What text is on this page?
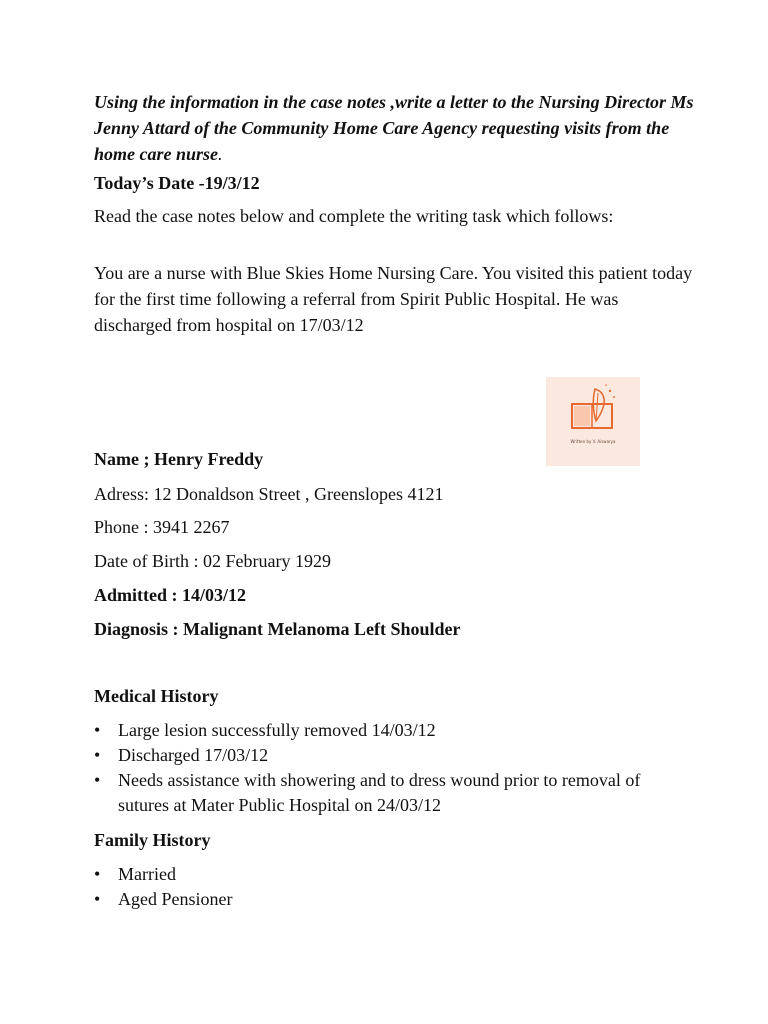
Using the information in the case notes ,write a letter to the Nursing Director Ms Jenny Attard of the Community Home Care Agency requesting visits from the home care nurse.

Today’s Date -19/3/12

Read the case notes below and complete the writing task which follows:

You are a nurse with Blue Skies Home Nursing Care. You visited this patient today for the first time following a referral from Spirit Public Hospital. He was discharged from hospital on 17/03/12

Written by V. Aiswarya

Name ; Henry Freddy

Adress: 12 Donaldson Street , Greenslopes 4121

Phone : 3941 2267

Date of Birth : 02 February 1929

Admitted : 14/03/12

Diagnosis : Malignant Melanoma Left Shoulder

Medical History

• Large lesion successfully removed 14/03/12
• Discharged 17/03/12
• Needs assistance with showering and to dress wound prior to removal of sutures at Mater Public Hospital on 24/03/12

Family History

• Married
• Aged Pensioner
